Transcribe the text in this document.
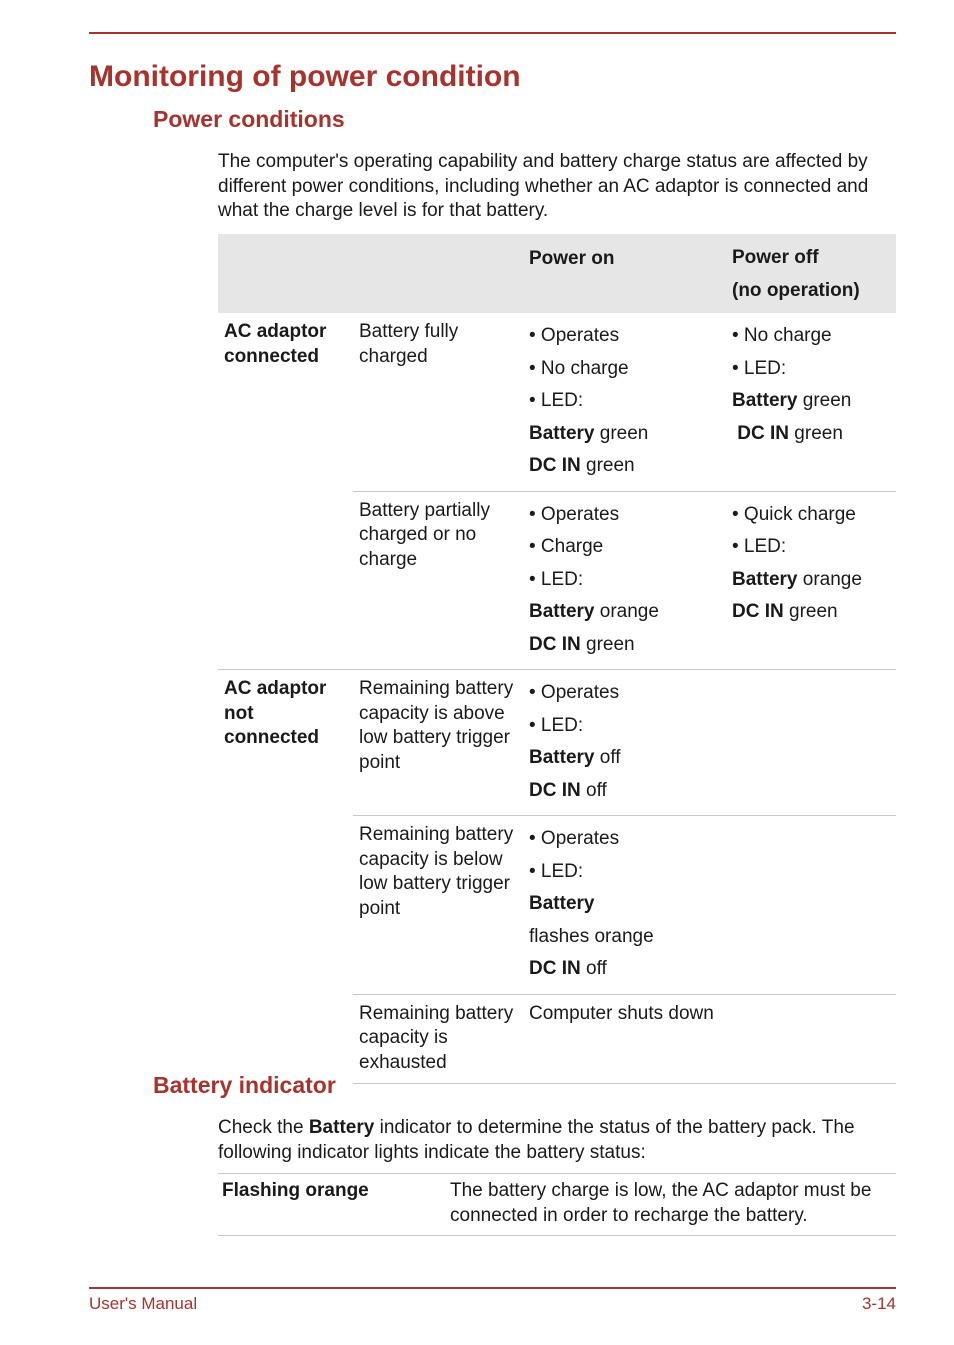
Monitoring of power condition
Power conditions

The computer's operating capability and battery charge status are affected by different power conditions, including whether an AC adaptor is connected and what the charge level is for that battery.

		Power on	Power off
(no operation)

AC adaptor connected	Battery fully charged	• Operates
• No charge
• LED:
Battery green
DC IN green	• No charge
• LED:
Battery green
DC IN green

	Battery partially charged or no charge	• Operates
• Charge
• LED:
Battery orange
DC IN green	• Quick charge
• LED:
Battery orange
DC IN green

AC adaptor not connected	Remaining battery capacity is above low battery trigger point	• Operates
• LED:
Battery off
DC IN off	

	Remaining battery capacity is below low battery trigger point	• Operates
• LED:
Battery
flashes orange
DC IN off	

	Remaining battery capacity is exhausted	Computer shuts down	

Battery indicator

Check the Battery indicator to determine the status of the battery pack. The following indicator lights indicate the battery status:

Flashing orange	The battery charge is low, the AC adaptor must be connected in order to recharge the battery.
User's Manual	3-14
